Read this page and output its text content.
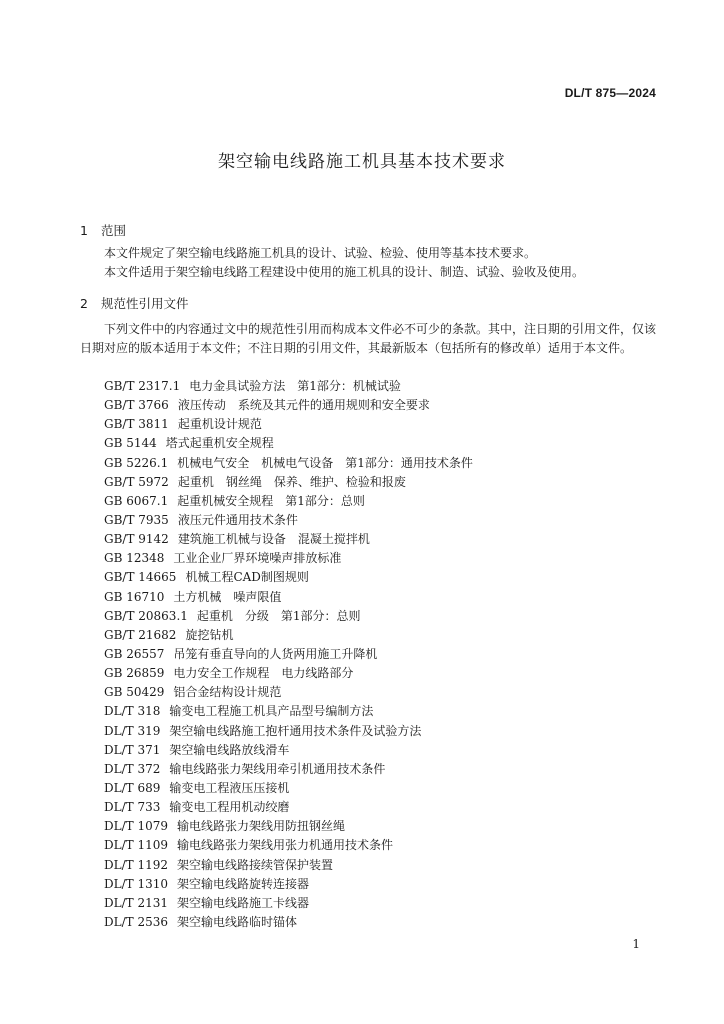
DL/T 875—2024
架空输电线路施工机具基本技术要求
1 范围
本文件规定了架空输电线路施工机具的设计、试验、检验、使用等基本技术要求。
本文件适用于架空输电线路工程建设中使用的施工机具的设计、制造、试验、验收及使用。
2 规范性引用文件
下列文件中的内容通过文中的规范性引用而构成本文件必不可少的条款。其中，注日期的引用文件，仅该日期对应的版本适用于本文件；不注日期的引用文件，其最新版本（包括所有的修改单）适用于本文件。
GB/T 2317.1 电力金具试验方法　第1部分：机械试验
GB/T 3766 液压传动　系统及其元件的通用规则和安全要求
GB/T 3811 起重机设计规范
GB 5144 塔式起重机安全规程
GB 5226.1 机械电气安全　机械电气设备　第1部分：通用技术条件
GB/T 5972 起重机　钢丝绳　保养、维护、检验和报废
GB 6067.1 起重机械安全规程　第1部分：总则
GB/T 7935 液压元件通用技术条件
GB/T 9142 建筑施工机械与设备　混凝土搅拌机
GB 12348 工业企业厂界环境噪声排放标准
GB/T 14665 机械工程CAD制图规则
GB 16710 土方机械　噪声限值
GB/T 20863.1 起重机　分级　第1部分：总则
GB/T 21682 旋挖钻机
GB 26557 吊笼有垂直导向的人货两用施工升降机
GB 26859 电力安全工作规程　电力线路部分
GB 50429 铝合金结构设计规范
DL/T 318 输变电工程施工机具产品型号编制方法
DL/T 319 架空输电线路施工抱杆通用技术条件及试验方法
DL/T 371 架空输电线路放线滑车
DL/T 372 输电线路张力架线用牵引机通用技术条件
DL/T 689 输变电工程液压压接机
DL/T 733 输变电工程用机动绞磨
DL/T 1079 输电线路张力架线用防扭钢丝绳
DL/T 1109 输电线路张力架线用张力机通用技术条件
DL/T 1192 架空输电线路接续管保护装置
DL/T 1310 架空输电线路旋转连接器
DL/T 2131 架空输电线路施工卡线器
DL/T 2536 架空输电线路临时锚体
1
